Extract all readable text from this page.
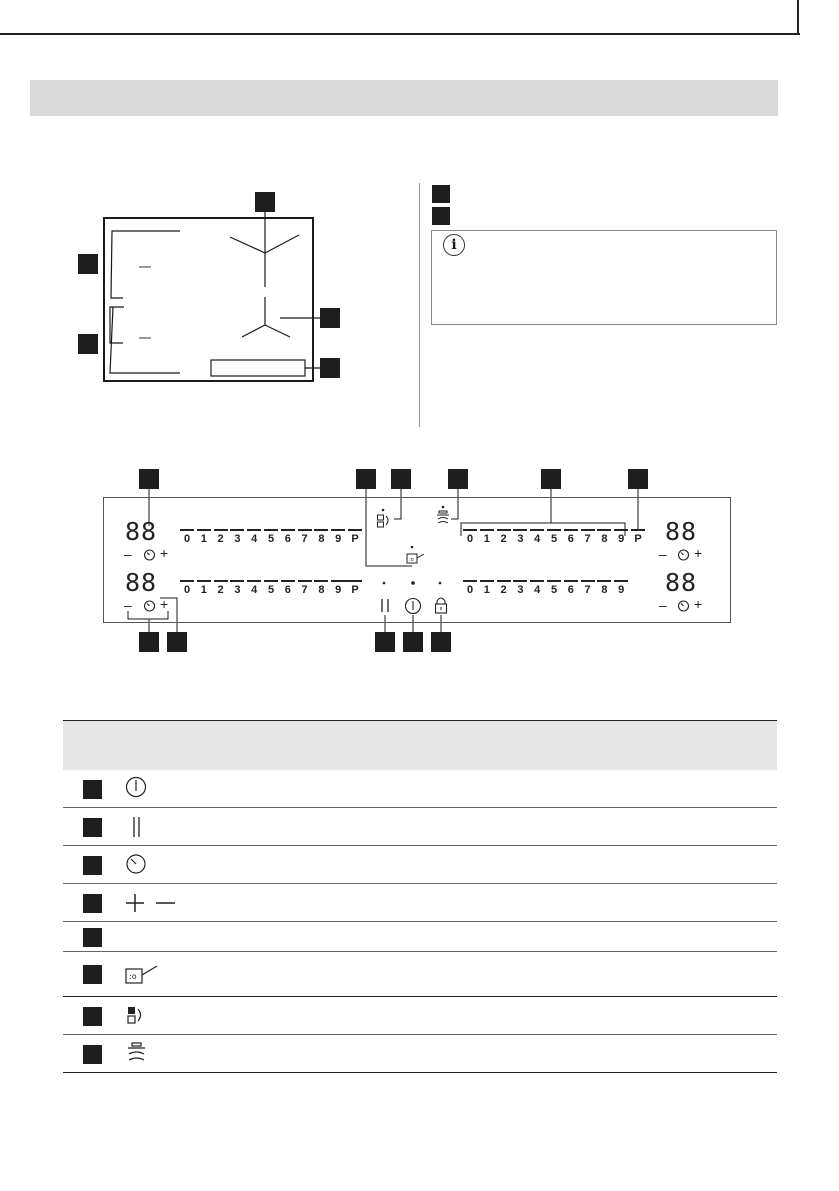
i
88
88
88
88
– +
– +
– +
– +
0 1 2 3 4 5 6 7 8 9 P	0 1 2 3 4 5 6 7 8 9 P
0 1 2 3 4 5 6 7 8 9 P	0 1 2 3 4 5 6 7 8 9
:o
:o
